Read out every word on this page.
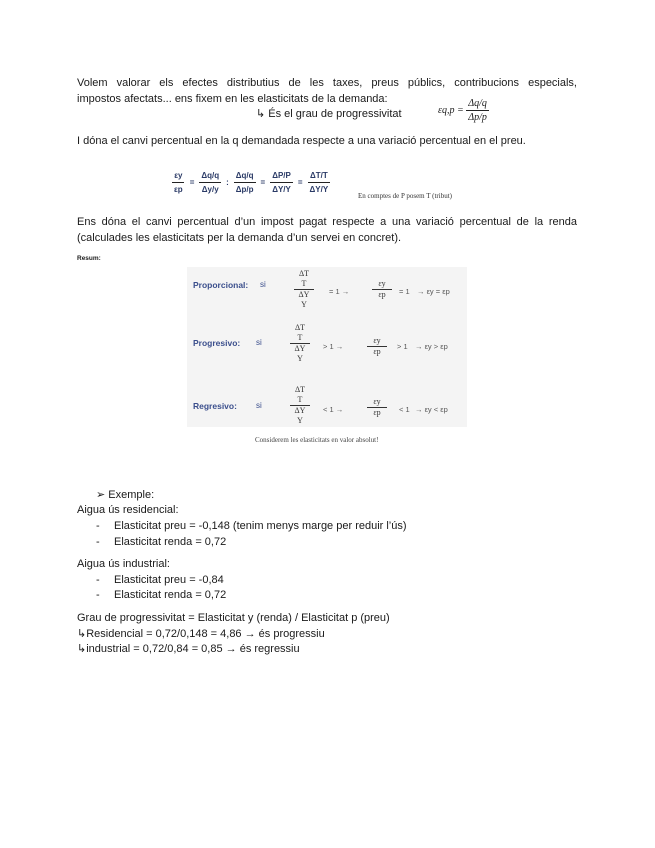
Volem valorar els efectes distributius de les taxes, preus públics, contribucions especials,
impostos afectats... ens fixem en les elasticitats de la demanda:
↳ És el grau de progressivitat	$\varepsilon q,p = \frac{\Delta q/q}{\Delta p/p}$
I dóna el canvi percentual en la q demandada respecte a una variació percentual en el preu.
$\frac{\varepsilon y}{\varepsilon p} = \frac{\Delta q/q}{\Delta y/y}$ : $\frac{\Delta q/q}{\Delta p/p} = \frac{\Delta P/P}{\Delta Y/Y} = \frac{\Delta T/T}{\Delta Y/Y}$
En comptes de P posem T (tribut)
Ens dóna el canvi percentual d’un impost pagat respecte a una variació percentual de la renda
(calculades les elasticitats per la demanda d’un servei en concret).
Resum:
Proporcional: si
ΔT
T
ΔY
Y
= 1 →
εy
εp	= 1 → εy = εp
Progresivo: si
ΔT
T
ΔY
Y
> 1 →
εy
εp
> 1 → εy > εp
Regresivo: si
ΔT
T
ΔY
Y
< 1 →
εy
εp	< 1 → εy < εp
Considerem les elasticitats en valor absolut!
➢ Exemple:
Aigua ús residencial:
- Elasticitat preu = -0,148 (tenim menys marge per reduir l’ús)
- Elasticitat renda = 0,72
Aigua ús industrial:
- Elasticitat preu = -0,84
- Elasticitat renda = 0,72
Grau de progressivitat = Elasticitat y (renda) / Elasticitat p (preu)
↳Residencial = 0,72/0,148 = 4,86 → és progressiu
↳industrial = 0,72/0,84 = 0,85 → és regressiu
